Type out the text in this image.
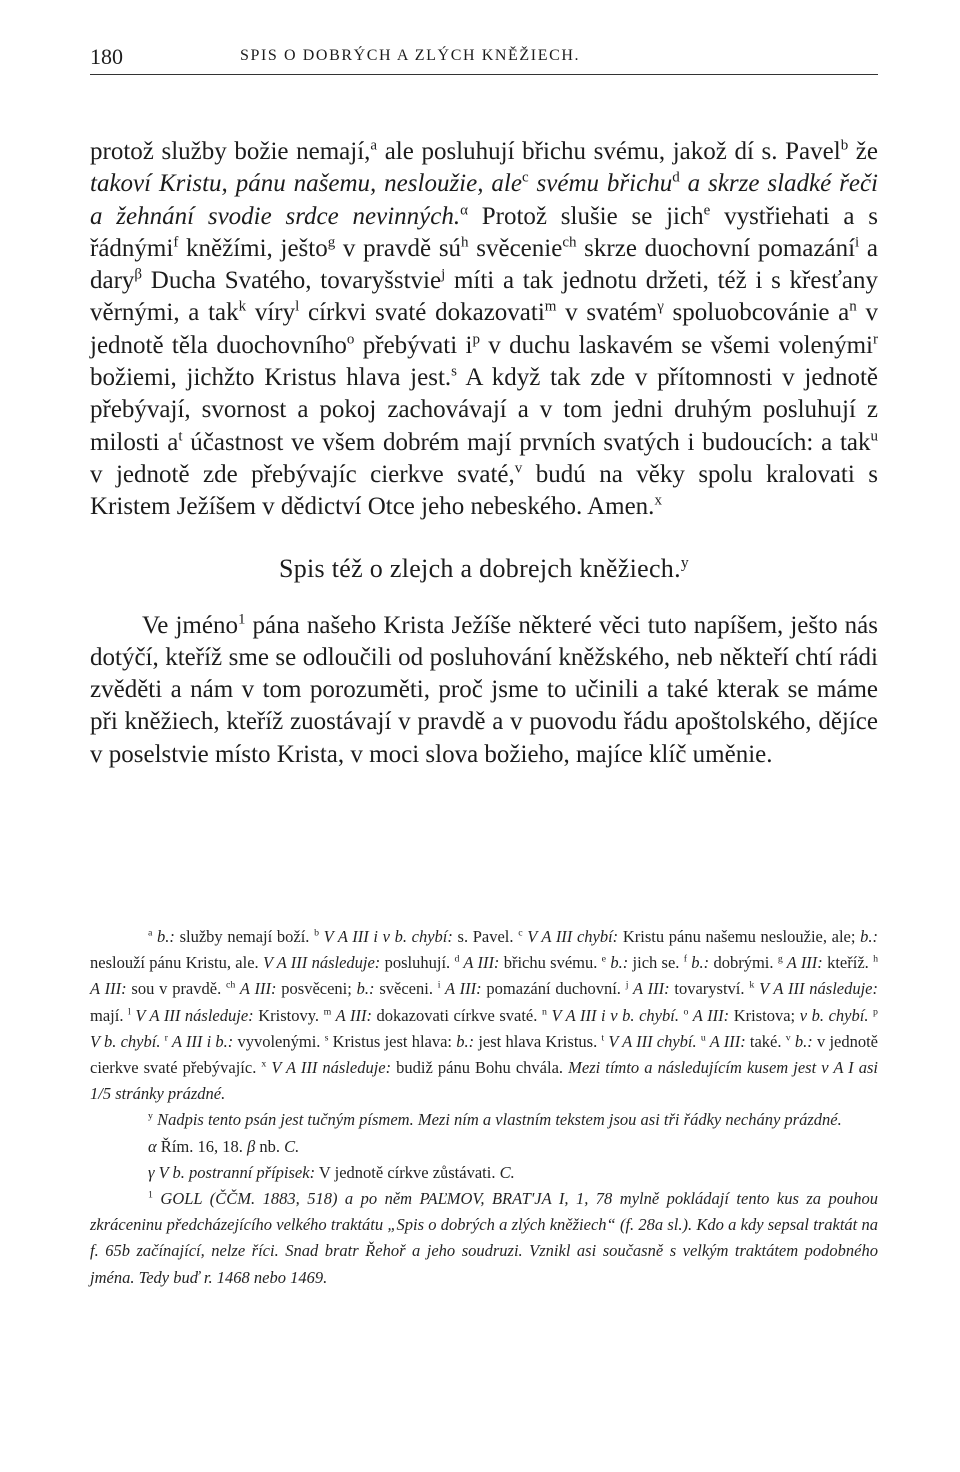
180	SPIS O DOBRÝCH A ZLÝCH KNĚŽIECH.

protož služby božie nemají,$^a$ ale posluhují břichu svému, jakož dí s. Pavel$^b$ že takoví Kristu, pánu našemu, neslоužie, ale$^c$ svému břichu$^d$ a skrze sladké řeči a žehnání svodie srdce nevinných.$^\alpha$ Protož slušie se jich$^e$ vystřiehati a s řádnými$^f$ kněžími, ješto$^g$ v pravdě $sú^h$ svěcenie$^{ch}$ skrze duochovní pomazání$^i$ a dary$^\beta$ Ducha Svatého, tovaryšstvie$^j$ míti a tak jednotu držeti, též i s křesťany věrnými, a tak$^k$ víry$^l$ církvi svaté dokazovati$^m$ v svatém$^\gamma$ spoluobcovánie $a^n$ v jednotě těla duochovního$^o$ přebývati $i^p$ v duchu laskavém se všemi volenými$^r$ božiemi, jichžto Kristus hlava jest.$^s$ A když tak zde v přítomnosti v jednotě přebývají, svornost a pokoj zachovávají a v tom jedni druhým posluhují z milosti $a^t$ účastnost ve všem dobrém mají prvních svatých i budoucích: a tak$^u$ v jednotě zde přebývajíc cierkve svaté,$^v$ budú na věky spolu kralovati s Kristem Ježíšem v dědictví Otce jeho nebeského. Amen.$^x$

Spis též o zlejch a dobrejch kněžiech.$^y$

Ve jméno$^1$ pána našeho Krista Ježíše některé věci tuto napíšem, ješto nás dotýčí, kteříž sme se odloučili od posluhování kněžského, neb někteří chtí rádi zvěděti a nám v tom porozuměti, proč jsme to učinili a také kterak se máme při kněžiech, kteříž zuostávají v pravdě a v puovodu řádu apoštolského, dějíce v poselstvie místo Krista, v moci slova božieho, majíce klíč uměnie.

$^a$ b.: služby nemají boží. $^b$ V A III i v b. chybí: s. Pavel. $^c$ V A III chybí: Kristu pánu našemu nesloužie, ale; b.: neslouží pánu Kristu, ale. V A III následuje: posluhují. $^d$ A III: břichu svému. $^e$ b.: jich se. $^f$ b.: dobrými. $^g$ A III: kteříž. $^h$ A III: sou v pravdě. $^{ch}$ A III: posvěceni; b.: svěceni. $^i$ A III: pomazání duchovní. $^j$ A III: tovaryství. $^k$ V A III následuje: mají. $^l$ V A III následuje: Kristovy. $^m$ A III: dokazovati církve svaté. $^n$ V A III i v b. chybí. $^o$ A III: Kristova; v b. chybí. $^p$ V b. chybí. $^r$ A III i b.: vyvolenými. $^s$ Kristus jest hlava: b.: jest hlava Kristus. $^t$ V A III chybí. $^u$ A III: také. $^v$ b.: v jednotě cierkve svaté přebývajíc. $^x$ V A III následuje: budiž pánu Bohu chvála. Mezi tímto a následujícím kusem jest v A I asi 1/5 stránky prázdné.

$^y$ Nadpis tento psán jest tučným písmem. Mezi ním a vlastním tekstem jsou asi tři řádky nechány prázdné.

α Řím. 16, 18. β nb. C.

γ V b. postranní přípisek: V jednotě církve zůstávati. C.

$^1$ GOLL (ČČM. 1883, 518) a po něm PAĽMOV, BRAT'JA I, 1, 78 mylně pokládají tento kus za pouhou zkráceninu předcházejícího velkého traktátu „Spis o dobrých a zlých kněžiech“ (f. 28a sl.). Kdo a kdy sepsal traktát na f. 65b začínající, nelze říci. Snad bratr Řehoř a jeho soudruzi. Vznikl asi současně s velkým traktátem podobného jména. Tedy buď r. 1468 nebo 1469.
